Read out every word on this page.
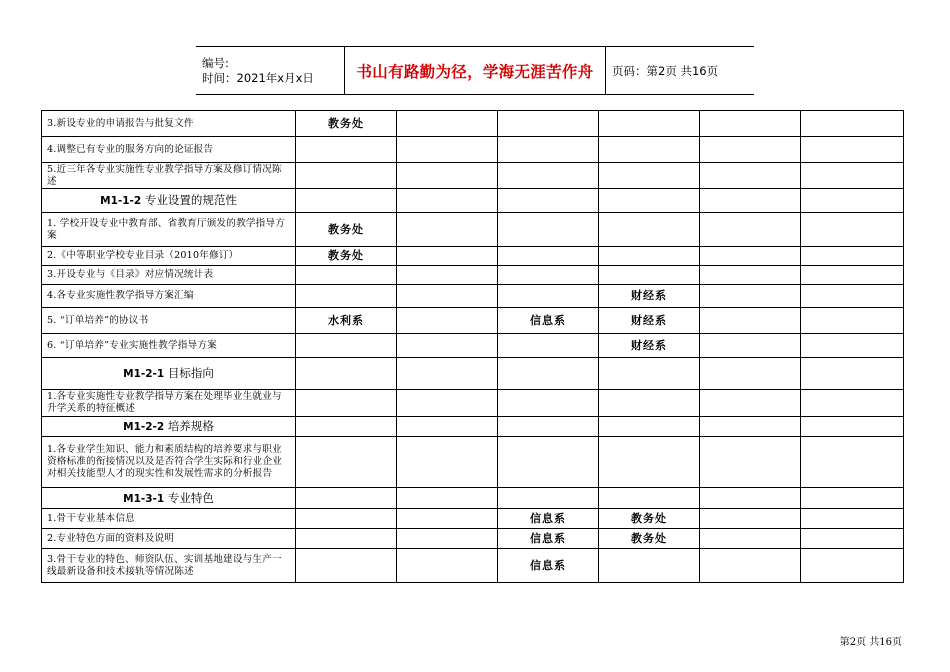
编号:
时间：2021年x月x日	书山有路勤为径，学海无涯苦作舟 页码：第2页 共16页
3.新设专业的申请报告与批复文件	教务处					
4.调整已有专业的服务方向的论证报告						
5.近三年各专业实施性专业教学指导方案及修订情况陈述						
M1-1-2 专业设置的规范性						
1. 学校开设专业中教育部、省教育厅颁发的教学指导方案	教务处					
2.《中等职业学校专业目录（2010年修订）	教务处					
3.开设专业与《目录》对应情况统计表						
4.各专业实施性教学指导方案汇编				财经系		
5. “订单培养”的协议书	水利系		信息系	财经系		
6. “订单培养”专业实施性教学指导方案				财经系		
M1-2-1 目标指向						
1.各专业实施性专业教学指导方案在处理毕业生就业与升学关系的特征概述						
M1-2-2 培养规格						
1.各专业学生知识、能力和素质结构的培养要求与职业资格标准的衔接情况以及是否符合学生实际和行业企业对相关技能型人才的现实性和发展性需求的分析报告						
M1-3-1 专业特色						
1.骨干专业基本信息			信息系	教务处		
2.专业特色方面的资料及说明			信息系	教务处		
3.骨干专业的特色、师资队伍、实训基地建设与生产一线最新设备和技术接轨等情况陈述			信息系			
第2页 共16页
